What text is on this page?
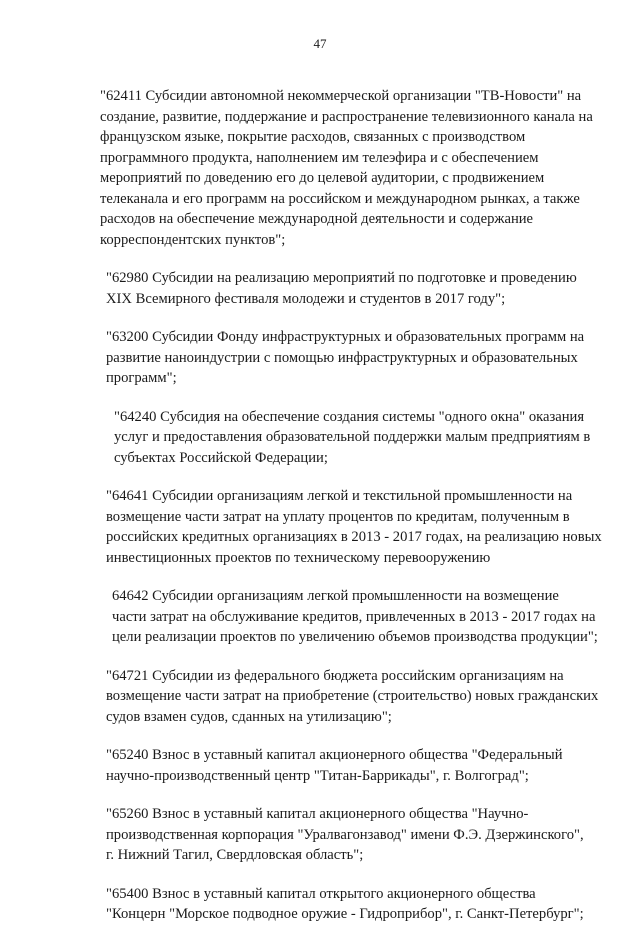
47

"62411 Субсидии автономной некоммерческой организации "ТВ-Новости" на
создание, развитие, поддержание и распространение телевизионного канала на
французском языке, покрытие расходов, связанных с производством
программного продукта, наполнением им телеэфира и с обеспечением
мероприятий по доведению его до целевой аудитории, с продвижением
телеканала и его программ на российском и международном рынках, а также
расходов на обеспечение международной деятельности и содержание
корреспондентских пунктов";

"62980 Субсидии на реализацию мероприятий по подготовке и проведению
XIX Всемирного фестиваля молодежи и студентов в 2017 году";

"63200 Субсидии Фонду инфраструктурных и образовательных программ на
развитие наноиндустрии с помощью инфраструктурных и образовательных
программ";

"64240 Субсидия на обеспечение создания системы "одного окна" оказания
услуг и предоставления образовательной поддержки малым предприятиям в
субъектах Российской Федерации;

"64641 Субсидии организациям легкой и текстильной промышленности на
возмещение части затрат на уплату процентов по кредитам, полученным в
российских кредитных организациях в 2013 - 2017 годах, на реализацию новых
инвестиционных проектов по техническому перевооружению

64642 Субсидии организациям легкой промышленности на возмещение
части затрат на обслуживание кредитов, привлеченных в 2013 - 2017 годах на
цели реализации проектов по увеличению объемов производства продукции";

"64721 Субсидии из федерального бюджета российским организациям на
возмещение части затрат на приобретение (строительство) новых гражданских
судов взамен судов, сданных на утилизацию";

"65240 Взнос в уставный капитал акционерного общества "Федеральный
научно-производственный центр "Титан-Баррикады", г. Волгоград";

"65260 Взнос в уставный капитал акционерного общества "Научно-
производственная корпорация "Уралвагонзавод" имени Ф.Э. Дзержинского",
г. Нижний Тагил, Свердловская область";

"65400 Взнос в уставный капитал открытого акционерного общества
"Концерн "Морское подводное оружие - Гидроприбор", г. Санкт-Петербург";
